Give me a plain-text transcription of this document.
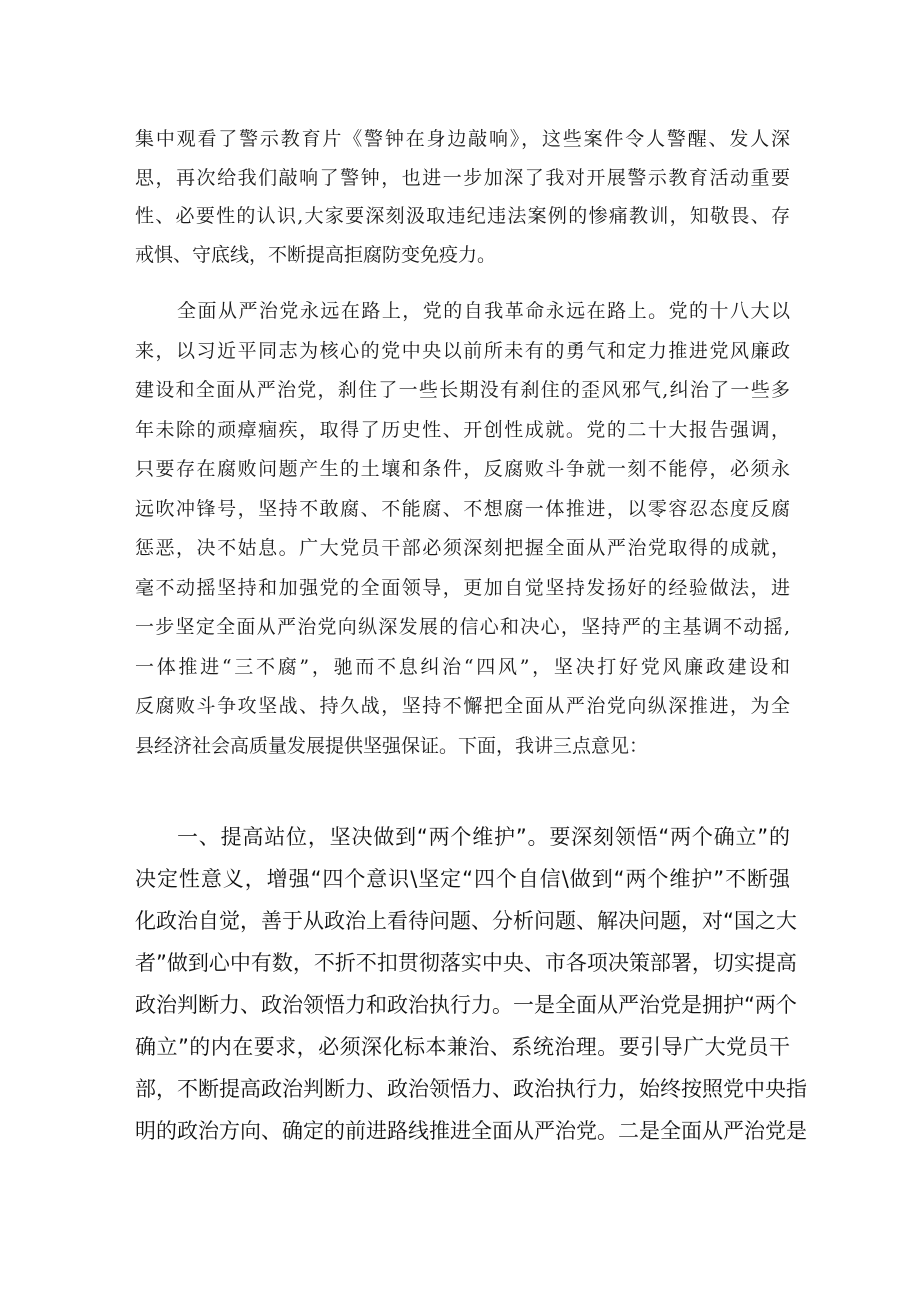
集中观看了警示教育片《警钟在身边敲响》，这些案件令人警醒、发人深
思，再次给我们敲响了警钟，也进一步加深了我对开展警示教育活动重要
性、必要性的认识,大家要深刻汲取违纪违法案例的惨痛教训，知敬畏、存
戒惧、守底线，不断提高拒腐防变免疫力。
全面从严治党永远在路上，党的自我革命永远在路上。党的十八大以
来，以习近平同志为核心的党中央以前所未有的勇气和定力推进党风廉政
建设和全面从严治党，刹住了一些长期没有刹住的歪风邪气,纠治了一些多
年未除的顽瘴痼疾，取得了历史性、开创性成就。党的二十大报告强调，
只要存在腐败问题产生的土壤和条件，反腐败斗争就一刻不能停，必须永
远吹冲锋号，坚持不敢腐、不能腐、不想腐一体推进，以零容忍态度反腐
惩恶，决不姑息。广大党员干部必须深刻把握全面从严治党取得的成就，
毫不动摇坚持和加强党的全面领导，更加自觉坚持发扬好的经验做法，进
一步坚定全面从严治党向纵深发展的信心和决心，坚持严的主基调不动摇,
一体推进“三不腐”，驰而不息纠治“四风”，坚决打好党风廉政建设和
反腐败斗争攻坚战、持久战，坚持不懈把全面从严治党向纵深推进，为全
县经济社会高质量发展提供坚强保证。下面，我讲三点意见：
一、提高站位，坚决做到“两个维护”。要深刻领悟“两个确立”的
决定性意义，增强“四个意识\坚定“四个自信\做到“两个维护”不断强
化政治自觉，善于从政治上看待问题、分析问题、解决问题，对“国之大
者”做到心中有数，不折不扣贯彻落实中央、市各项决策部署，切实提高
政治判断力、政治领悟力和政治执行力。一是全面从严治党是拥护“两个
确立”的内在要求，必须深化标本兼治、系统治理。要引导广大党员干
部，不断提高政治判断力、政治领悟力、政治执行力，始终按照党中央指
明的政治方向、确定的前进路线推进全面从严治党。二是全面从严治党是
